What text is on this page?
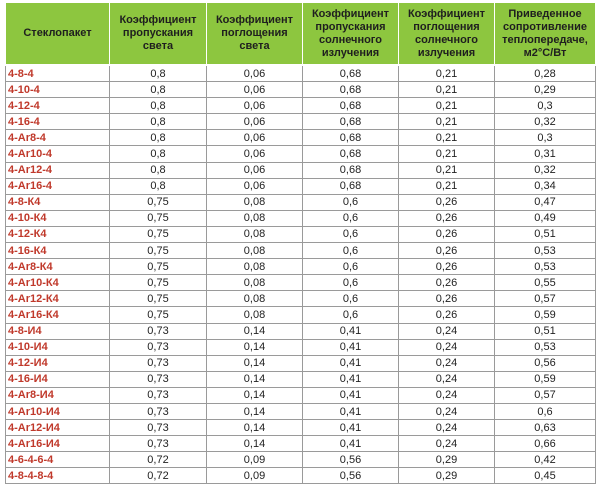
Стеклопакет	Коэффициент пропускания света	Коэффициент поглощения света	Коэффициент пропускания солнечного излучения	Коэффициент поглощения солнечного излучения	Приведенное сопротивление теплопередаче, м2°С/Вт
4-8-4	0,8	0,06	0,68	0,21	0,28
4-10-4	0,8	0,06	0,68	0,21	0,29
4-12-4	0,8	0,06	0,68	0,21	0,3
4-16-4	0,8	0,06	0,68	0,21	0,32
4-Ar8-4	0,8	0,06	0,68	0,21	0,3
4-Ar10-4	0,8	0,06	0,68	0,21	0,31
4-Ar12-4	0,8	0,06	0,68	0,21	0,32
4-Ar16-4	0,8	0,06	0,68	0,21	0,34
4-8-К4	0,75	0,08	0,6	0,26	0,47
4-10-К4	0,75	0,08	0,6	0,26	0,49
4-12-К4	0,75	0,08	0,6	0,26	0,51
4-16-К4	0,75	0,08	0,6	0,26	0,53
4-Ar8-К4	0,75	0,08	0,6	0,26	0,53
4-Ar10-К4	0,75	0,08	0,6	0,26	0,55
4-Ar12-К4	0,75	0,08	0,6	0,26	0,57
4-Ar16-К4	0,75	0,08	0,6	0,26	0,59
4-8-И4	0,73	0,14	0,41	0,24	0,51
4-10-И4	0,73	0,14	0,41	0,24	0,53
4-12-И4	0,73	0,14	0,41	0,24	0,56
4-16-И4	0,73	0,14	0,41	0,24	0,59
4-Ar8-И4	0,73	0,14	0,41	0,24	0,57
4-Ar10-И4	0,73	0,14	0,41	0,24	0,6
4-Ar12-И4	0,73	0,14	0,41	0,24	0,63
4-Ar16-И4	0,73	0,14	0,41	0,24	0,66
4-6-4-6-4	0,72	0,09	0,56	0,29	0,42
4-8-4-8-4	0,72	0,09	0,56	0,29	0,45
